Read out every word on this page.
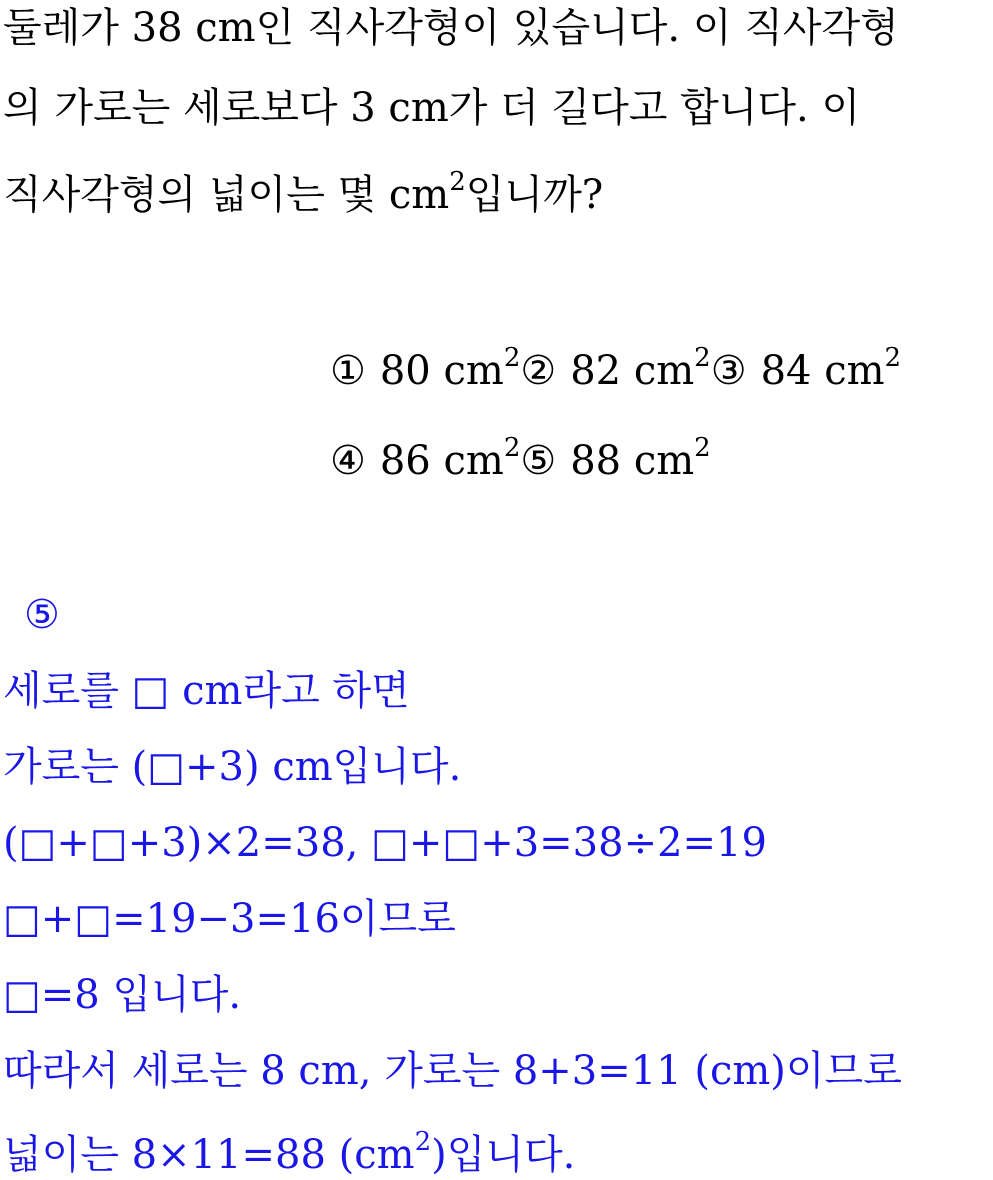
둘레가 38 cm인 직사각형이 있습니다. 이 직사각형
의 가로는 세로보다 3 cm가 더 길다고 합니다. 이
직사각형의 넓이는 몇 $cm^2$입니까?
① 80 $cm^2②$ 82 $cm^2③$ 84 $cm^2$
④ 86 $cm^2⑤$ 88 $cm^2$
⑤
세로를 □ cm라고 하면
가로는 (□+3) cm입니다.
(□+□+3)×2=38, □+□+3=38÷2=19
□+□=19−3=16이므로
□=8 입니다.
따라서 세로는 8 cm, 가로는 8+3=11 (cm)이므로
넓이는 8×11=88 $(cm^2)$입니다.
